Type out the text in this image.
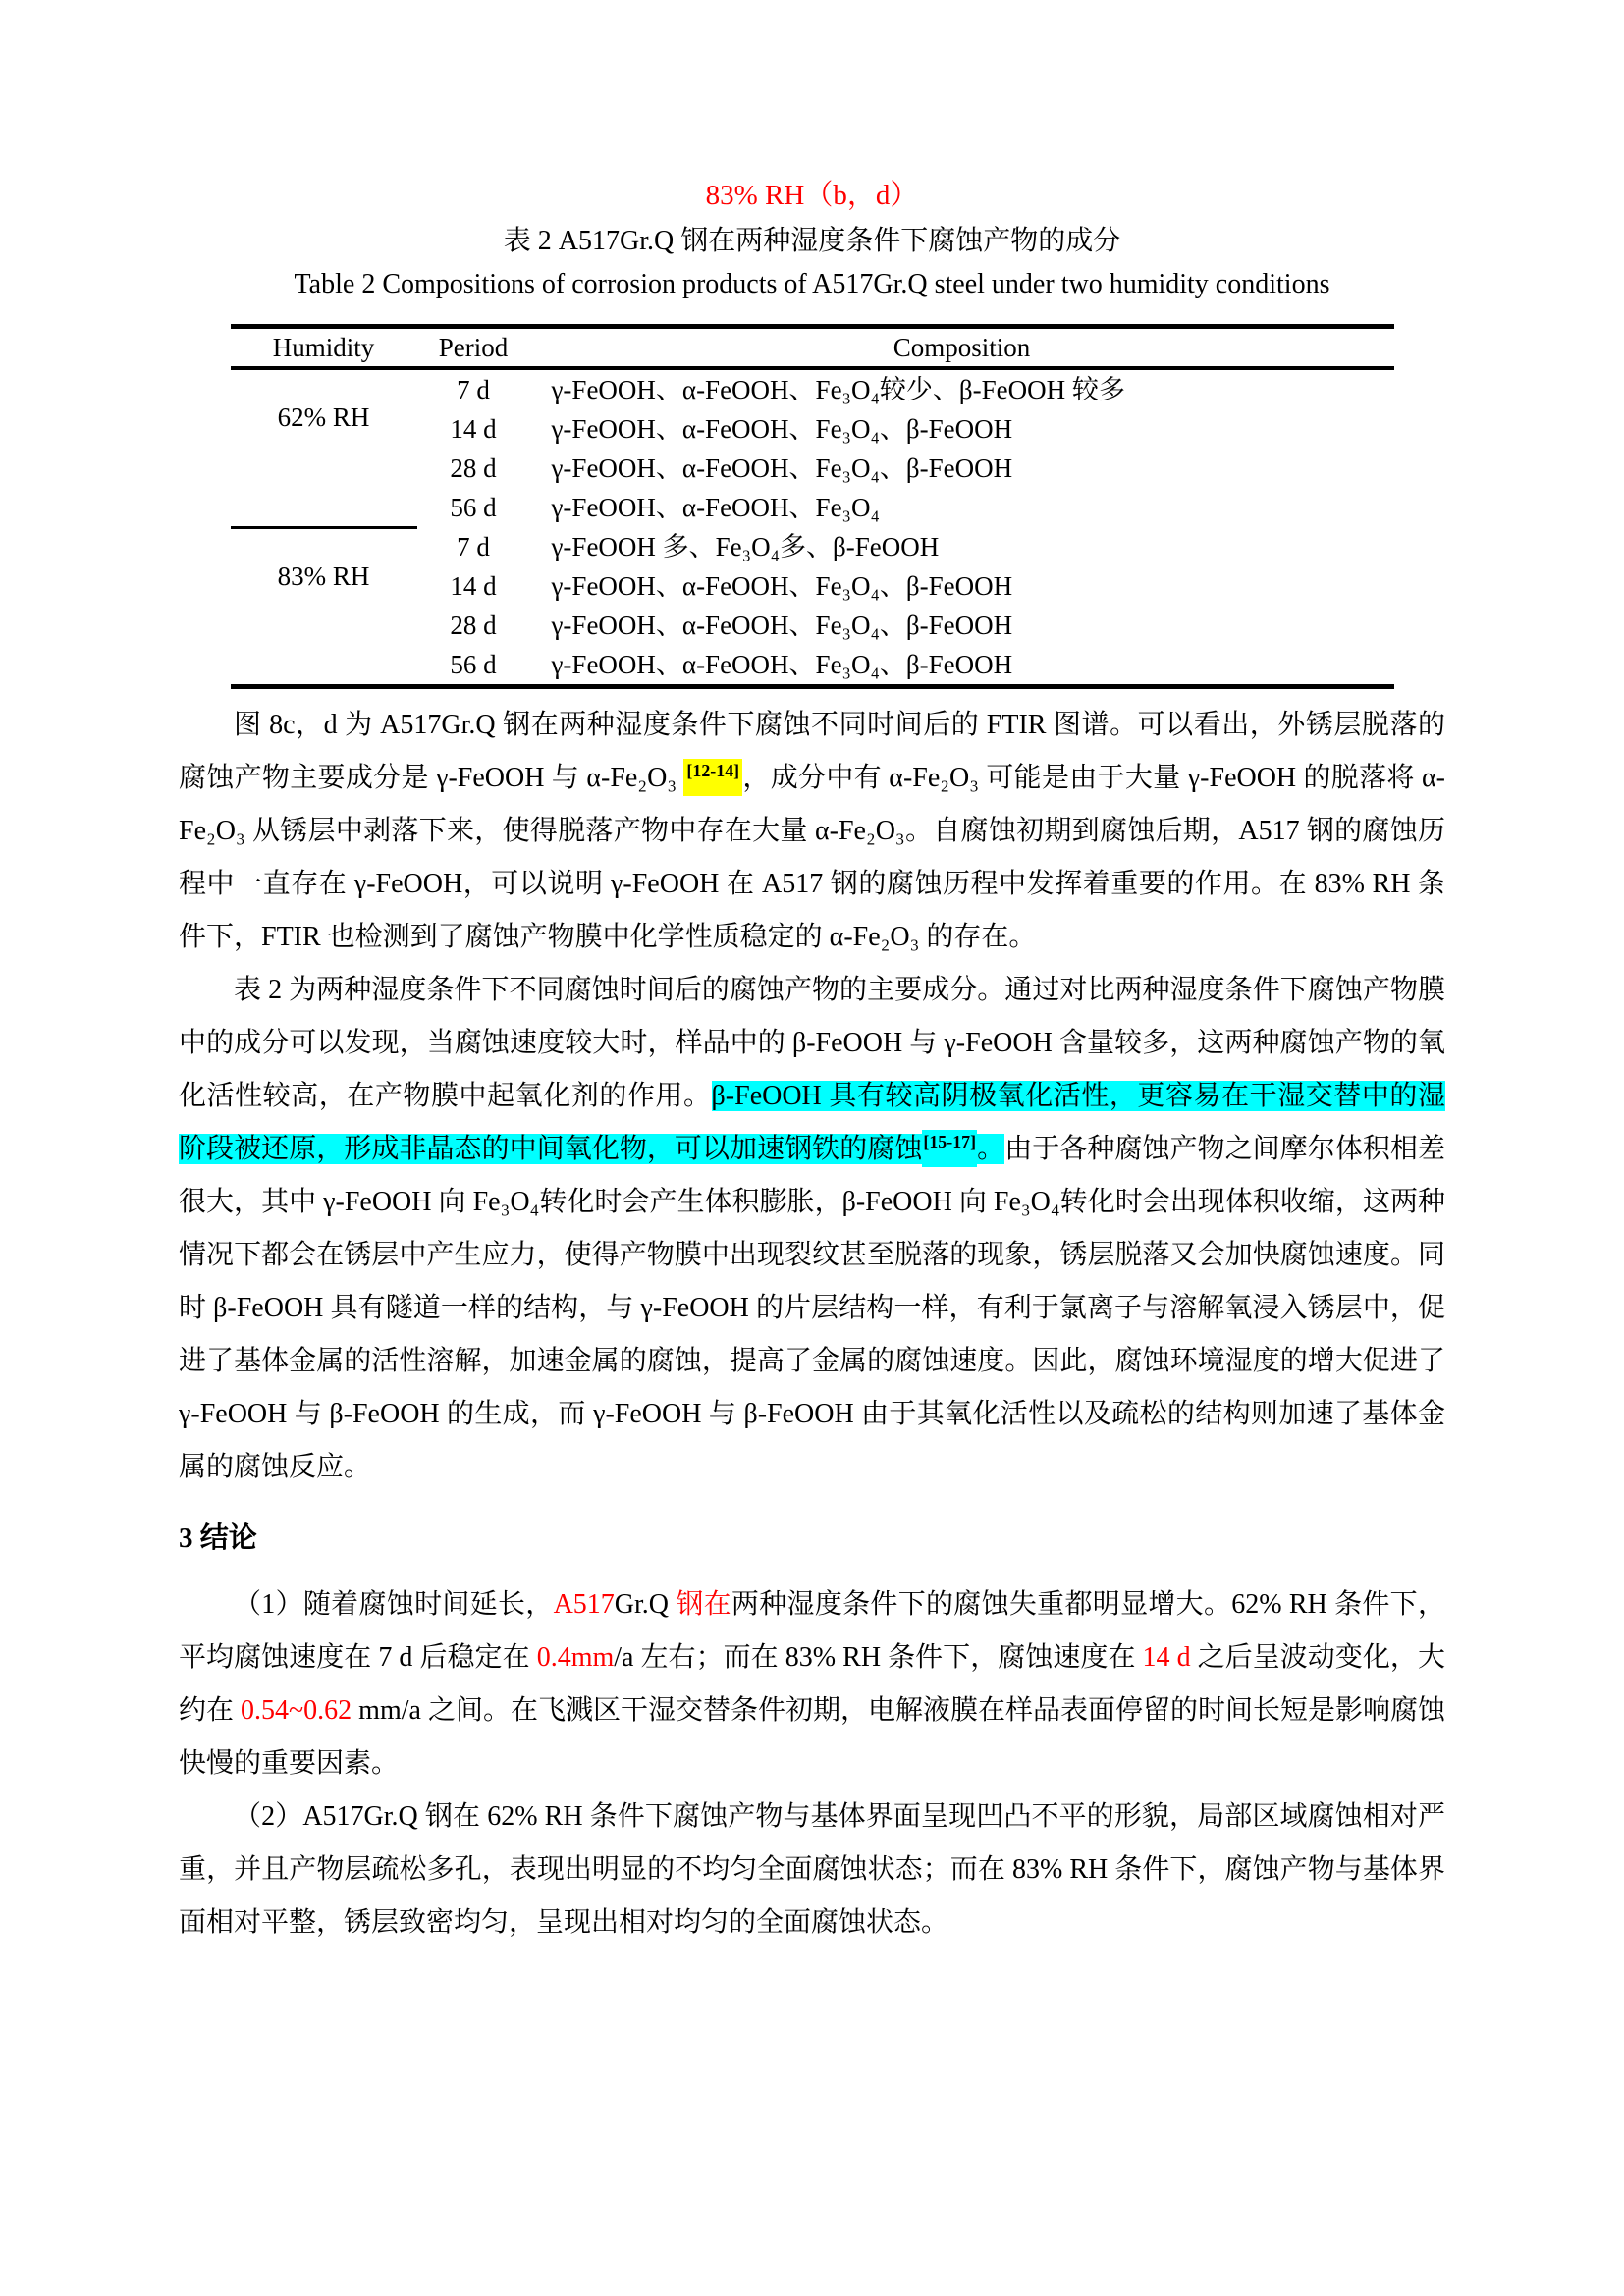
83% RH（b，d）
表 2 A517Gr.Q 钢在两种湿度条件下腐蚀产物的成分
Table 2 Compositions of corrosion products of A517Gr.Q steel under two humidity conditions
Humidity	Period	Composition
62% RH	7 d	γ-FeOOH、α-FeOOH、Fe₃O₄较少、β-FeOOH 较多
	14 d	γ-FeOOH、α-FeOOH、Fe₃O₄、β-FeOOH
	28 d	γ-FeOOH、α-FeOOH、Fe₃O₄、β-FeOOH
	56 d	γ-FeOOH、α-FeOOH、Fe₃O₄
83% RH	7 d	γ-FeOOH 多、Fe₃O₄多、β-FeOOH
	14 d	γ-FeOOH、α-FeOOH、Fe₃O₄、β-FeOOH
	28 d	γ-FeOOH、α-FeOOH、Fe₃O₄、β-FeOOH
	56 d	γ-FeOOH、α-FeOOH、Fe₃O₄、β-FeOOH

图 8c，d 为 A517Gr.Q 钢在两种湿度条件下腐蚀不同时间后的 FTIR 图谱。可以看出，外锈层脱落的腐蚀产物主要成分是 γ-FeOOH 与 α-Fe₂O₃ [12-14] ，成分中有 α-Fe₂O₃ 可能是由于大量 γ-FeOOH 的脱落将 α-Fe₂O₃ 从锈层中剥落下来，使得脱落产物中存在大量 α-Fe₂O₃。自腐蚀初期到腐蚀后期，A517 钢的腐蚀历程中一直存在 γ-FeOOH，可以说明 γ-FeOOH 在 A517 钢的腐蚀历程中发挥着重要的作用。在 83% RH 条件下，FTIR 也检测到了腐蚀产物膜中化学性质稳定的 α-Fe₂O₃ 的存在。

表 2 为两种湿度条件下不同腐蚀时间后的腐蚀产物的主要成分。通过对比两种湿度条件下腐蚀产物膜中的成分可以发现，当腐蚀速度较大时，样品中的 β-FeOOH 与 γ-FeOOH 含量较多，这两种腐蚀产物的氧化活性较高，在产物膜中起氧化剂的作用。β-FeOOH 具有较高阴极氧化活性，更容易在干湿交替中的湿阶段被还原，形成非晶态的中间氧化物，可以加速钢铁的腐蚀[15-17]。由于各种腐蚀产物之间摩尔体积相差很大，其中 γ-FeOOH 向 Fe₃O₄转化时会产生体积膨胀，β-FeOOH 向 Fe₃O₄转化时会出现体积收缩，这两种情况下都会在锈层中产生应力，使得产物膜中出现裂纹甚至脱落的现象，锈层脱落又会加快腐蚀速度。同时 β-FeOOH 具有隧道一样的结构，与 γ-FeOOH 的片层结构一样，有利于氯离子与溶解氧浸入锈层中，促进了基体金属的活性溶解，加速金属的腐蚀，提高了金属的腐蚀速度。因此，腐蚀环境湿度的增大促进了 γ-FeOOH 与 β-FeOOH 的生成，而 γ-FeOOH 与 β-FeOOH 由于其氧化活性以及疏松的结构则加速了基体金属的腐蚀反应。

3 结论

（1）随着腐蚀时间延长，A517Gr.Q 钢在两种湿度条件下的腐蚀失重都明显增大。62% RH 条件下，平均腐蚀速度在 7 d 后稳定在 0.4mm/a 左右；而在 83% RH 条件下，腐蚀速度在 14 d 之后呈波动变化，大约在 0.54~0.62 mm/a 之间。在飞溅区干湿交替条件初期，电解液膜在样品表面停留的时间长短是影响腐蚀快慢的重要因素。

（2）A517Gr.Q 钢在 62% RH 条件下腐蚀产物与基体界面呈现凹凸不平的形貌，局部区域腐蚀相对严重，并且产物层疏松多孔，表现出明显的不均匀全面腐蚀状态；而在 83% RH 条件下，腐蚀产物与基体界面相对平整，锈层致密均匀，呈现出相对均匀的全面腐蚀状态。
